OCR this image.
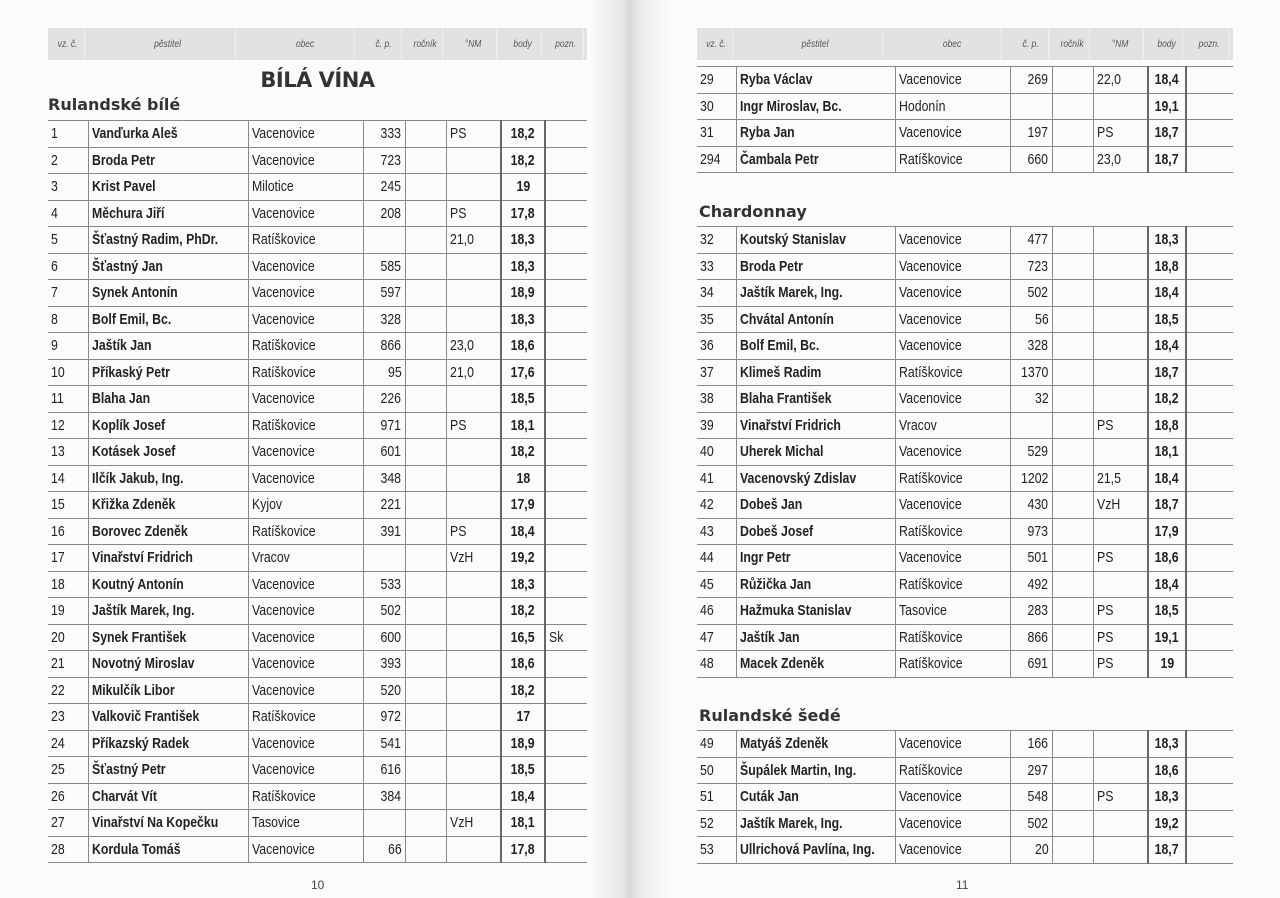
vz. č.	pěstitel	obec	č. p.	ročník	°NM	body	pozn.	vz. č.	pěstitel	obec	č. p.	ročník	°NM	body	pozn.
BÍLÁ VÍNA
Rulandské bílé
1	Vanďurka Aleš	Vacenovice	333		PS	18,2	
2	Broda Petr	Vacenovice	723			18,2	
3	Krist Pavel	Milotice	245			19	
4	Měchura Jiří	Vacenovice	208		PS	17,8	
5	Šťastný Radim, PhDr.	Ratíškovice			21,0	18,3	
6	Šťastný Jan	Vacenovice	585			18,3	
7	Synek Antonín	Vacenovice	597			18,9	
8	Bolf Emil, Bc.	Vacenovice	328			18,3	
9	Jaštík Jan	Ratíškovice	866		23,0	18,6	
10	Příkaský Petr	Ratíškovice	95		21,0	17,6	
11	Blaha Jan	Vacenovice	226			18,5	
12	Koplík Josef	Ratíškovice	971		PS	18,1	
13	Kotásek Josef	Vacenovice	601			18,2	
14	Ilčík Jakub, Ing.	Vacenovice	348			18	
15	Křižka Zdeněk	Kyjov	221			17,9	
16	Borovec Zdeněk	Ratíškovice	391		PS	18,4	
17	Vinařství Fridrich	Vracov			VzH	19,2	
18	Koutný Antonín	Vacenovice	533			18,3	
19	Jaštík Marek, Ing.	Vacenovice	502			18,2	
20	Synek František	Vacenovice	600			16,5	Sk
21	Novotný Miroslav	Vacenovice	393			18,6	
22	Mikulčík Libor	Vacenovice	520			18,2	
23	Valkovič František	Ratíškovice	972			17	
24	Příkazský Radek	Vacenovice	541			18,9	
25	Šťastný Petr	Vacenovice	616			18,5	
26	Charvát Vít	Ratíškovice	384			18,4	
27	Vinařství Na Kopečku	Tasovice			VzH	18,1	
28	Kordula Tomáš	Vacenovice	66			17,8	
29	Ryba Václav	Vacenovice	269		22,0	18,4	
30	Ingr Miroslav, Bc.	Hodonín				19,1	
31	Ryba Jan	Vacenovice	197		PS	18,7	
294	Čambala Petr	Ratíškovice	660		23,0	18,7	
Chardonnay
32	Koutský Stanislav	Vacenovice	477			18,3	
33	Broda Petr	Vacenovice	723			18,8	
34	Jaštík Marek, Ing.	Vacenovice	502			18,4	
35	Chvátal Antonín	Vacenovice	56			18,5	
36	Bolf Emil, Bc.	Vacenovice	328			18,4	
37	Klimeš Radim	Ratíškovice	1370			18,7	
38	Blaha František	Vacenovice	32			18,2	
39	Vinařství Fridrich	Vracov			PS	18,8	
40	Uherek Michal	Vacenovice	529			18,1	
41	Vacenovský Zdislav	Ratíškovice	1202		21,5	18,4	
42	Dobeš Jan	Vacenovice	430		VzH	18,7	
43	Dobeš Josef	Ratíškovice	973			17,9	
44	Ingr Petr	Vacenovice	501		PS	18,6	
45	Růžička Jan	Ratíškovice	492			18,4	
46	Hažmuka Stanislav	Tasovice	283		PS	18,5	
47	Jaštík Jan	Ratíškovice	866		PS	19,1	
48	Macek Zdeněk	Ratíškovice	691		PS	19	
Rulandské šedé
49	Matyáš Zdeněk	Vacenovice	166			18,3	
50	Šupálek Martin, Ing.	Ratíškovice	297			18,6	
51	Cuták Jan	Vacenovice	548		PS	18,3	
52	Jaštík Marek, Ing.	Vacenovice	502			19,2	
53	Ullrichová Pavlína, Ing.	Vacenovice	20			18,7	
10	11
